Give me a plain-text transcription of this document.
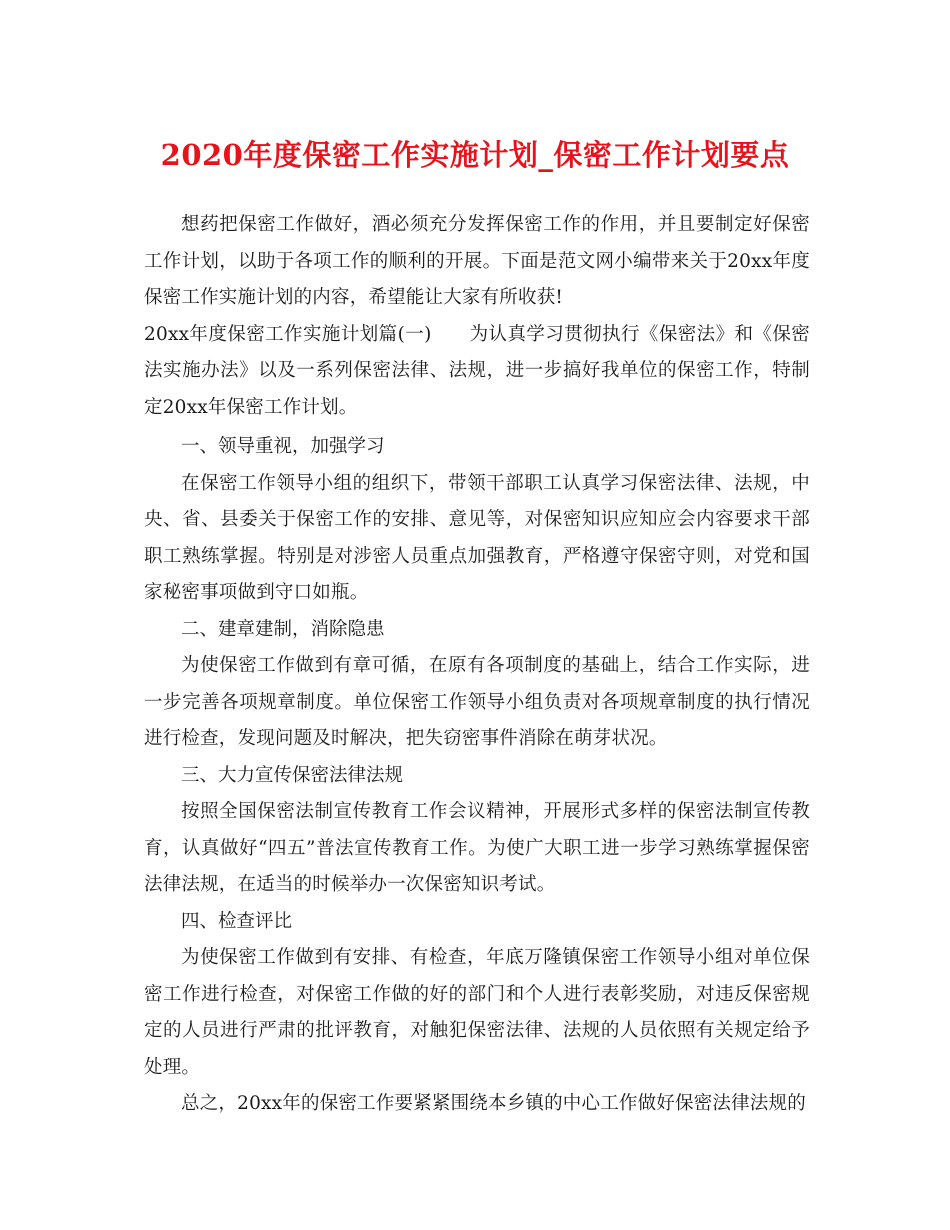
2020年度保密工作实施计划_保密工作计划要点

想药把保密工作做好，酒必须充分发挥保密工作的作用，并且要制定好保密工作计划，以助于各项工作的顺利的开展。下面是范文网小编带来关于20xx年度保密工作实施计划的内容，希望能让大家有所收获!

20xx年度保密工作实施计划篇(一)　　为认真学习贯彻执行《保密法》和《保密法实施办法》以及一系列保密法律、法规，进一步搞好我单位的保密工作，特制定20xx年保密工作计划。

一、领导重视，加强学习

在保密工作领导小组的组织下，带领干部职工认真学习保密法律、法规，中央、省、县委关于保密工作的安排、意见等，对保密知识应知应会内容要求干部职工熟练掌握。特别是对涉密人员重点加强教育，严格遵守保密守则，对党和国家秘密事项做到守口如瓶。

二、建章建制，消除隐患

为使保密工作做到有章可循，在原有各项制度的基础上，结合工作实际，进一步完善各项规章制度。单位保密工作领导小组负责对各项规章制度的执行情况进行检查，发现问题及时解决，把失窃密事件消除在萌芽状况。

三、大力宣传保密法律法规

按照全国保密法制宣传教育工作会议精神，开展形式多样的保密法制宣传教育，认真做好“四五”普法宣传教育工作。为使广大职工进一步学习熟练掌握保密法律法规，在适当的时候举办一次保密知识考试。

四、检查评比

为使保密工作做到有安排、有检查，年底万隆镇保密工作领导小组对单位保密工作进行检查，对保密工作做的好的部门和个人进行表彰奖励，对违反保密规定的人员进行严肃的批评教育，对触犯保密法律、法规的人员依照有关规定给予处理。

总之，20xx年的保密工作要紧紧围绕本乡镇的中心工作做好保密法律法规的
